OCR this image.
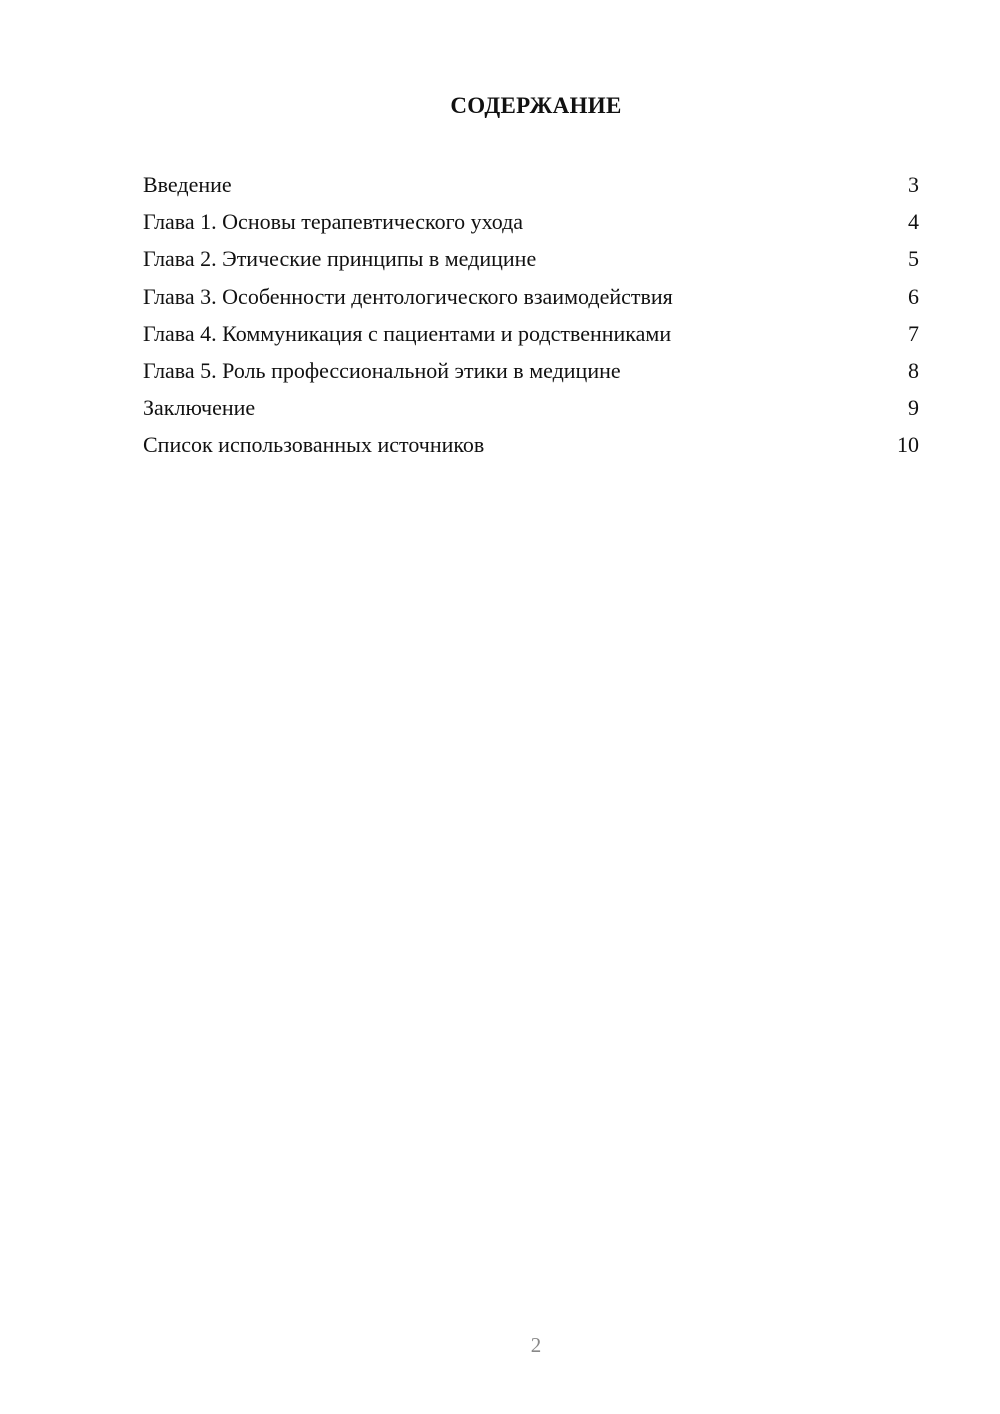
СОДЕРЖАНИЕ
Введение	3
Глава 1. Основы терапевтического ухода	4
Глава 2. Этические принципы в медицине	5
Глава 3. Особенности дентологического взаимодействия	6
Глава 4. Коммуникация с пациентами и родственниками	7
Глава 5. Роль профессиональной этики в медицине	8
Заключение	9
Список использованных источников	10
2
